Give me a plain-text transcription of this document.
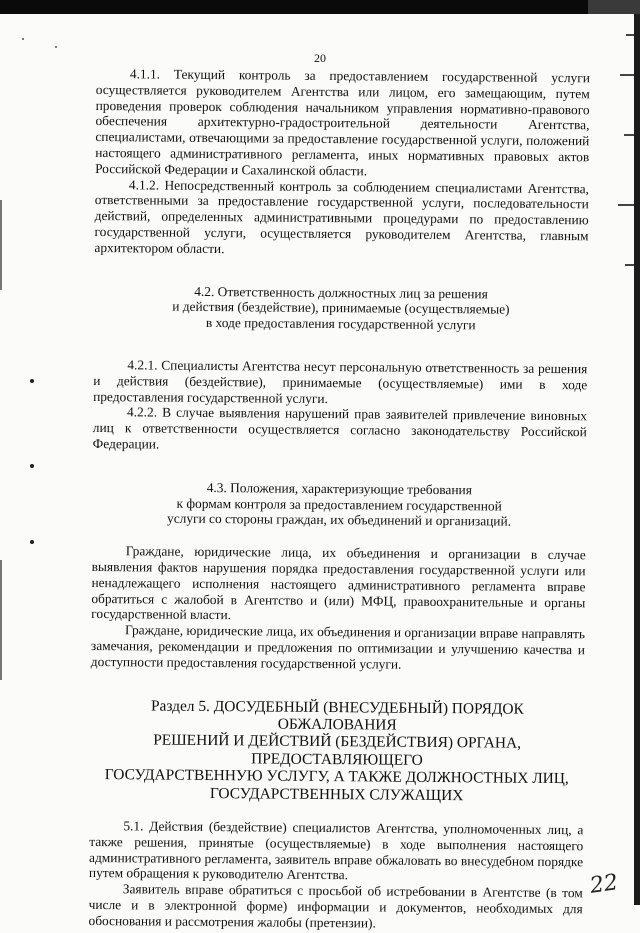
20

4.1.1. Текущий контроль за предоставлением государственной услуги осуществляется руководителем Агентства или лицом, его замещающим, путем проведения проверок соблюдения начальником управления нормативно-правового обеспечения архитектурно-градостроительной деятельности Агентства, специалистами, отвечающими за предоставление государственной услуги, положений настоящего административного регламента, иных нормативных правовых актов Российской Федерации и Сахалинской области.

4.1.2. Непосредственный контроль за соблюдением специалистами Агентства, ответственными за предоставление государственной услуги, последовательности действий, определенных административными процедурами по предоставлению государственной услуги, осуществляется руководителем Агентства, главным архитектором области.

4.2. Ответственность должностных лиц за решения

и действия (бездействие), принимаемые (осуществляемые)

в ходе предоставления государственной услуги

4.2.1. Специалисты Агентства несут персональную ответственность за решения и действия (бездействие), принимаемые (осуществляемые) ими в ходе предоставления государственной услуги.

4.2.2. В случае выявления нарушений прав заявителей привлечение виновных лиц к ответственности осуществляется согласно законодательству Российской Федерации.

4.3. Положения, характеризующие требования

к формам контроля за предоставлением государственной

услуги со стороны граждан, их объединений и организаций.

Граждане, юридические лица, их объединения и организации в случае выявления фактов нарушения порядка предоставления государственной услуги или ненадлежащего исполнения настоящего административного регламента вправе обратиться с жалобой в Агентство и (или) МФЦ, правоохранительные и органы государственной власти.

Граждане, юридические лица, их объединения и организации вправе направлять замечания, рекомендации и предложения по оптимизации и улучшению качества и доступности предоставления государственной услуги.

Раздел 5. ДОСУДЕБНЫЙ (ВНЕСУДЕБНЫЙ) ПОРЯДОК ОБЖАЛОВАНИЯ

РЕШЕНИЙ И ДЕЙСТВИЙ (БЕЗДЕЙСТВИЯ) ОРГАНА, ПРЕДОСТАВЛЯЮЩЕГО

ГОСУДАРСТВЕННУЮ УСЛУГУ, А ТАКЖЕ ДОЛЖНОСТНЫХ ЛИЦ,

ГОСУДАРСТВЕННЫХ СЛУЖАЩИХ

5.1. Действия (бездействие) специалистов Агентства, уполномоченных лиц, а также решения, принятые (осуществляемые) в ходе выполнения настоящего административного регламента, заявитель вправе обжаловать во внесудебном порядке путем обращения к руководителю Агентства.

Заявитель вправе обратиться с просьбой об истребовании в Агентстве (в том числе и в электронной форме) информации и документов, необходимых для обоснования и рассмотрения жалобы (претензии).

22
